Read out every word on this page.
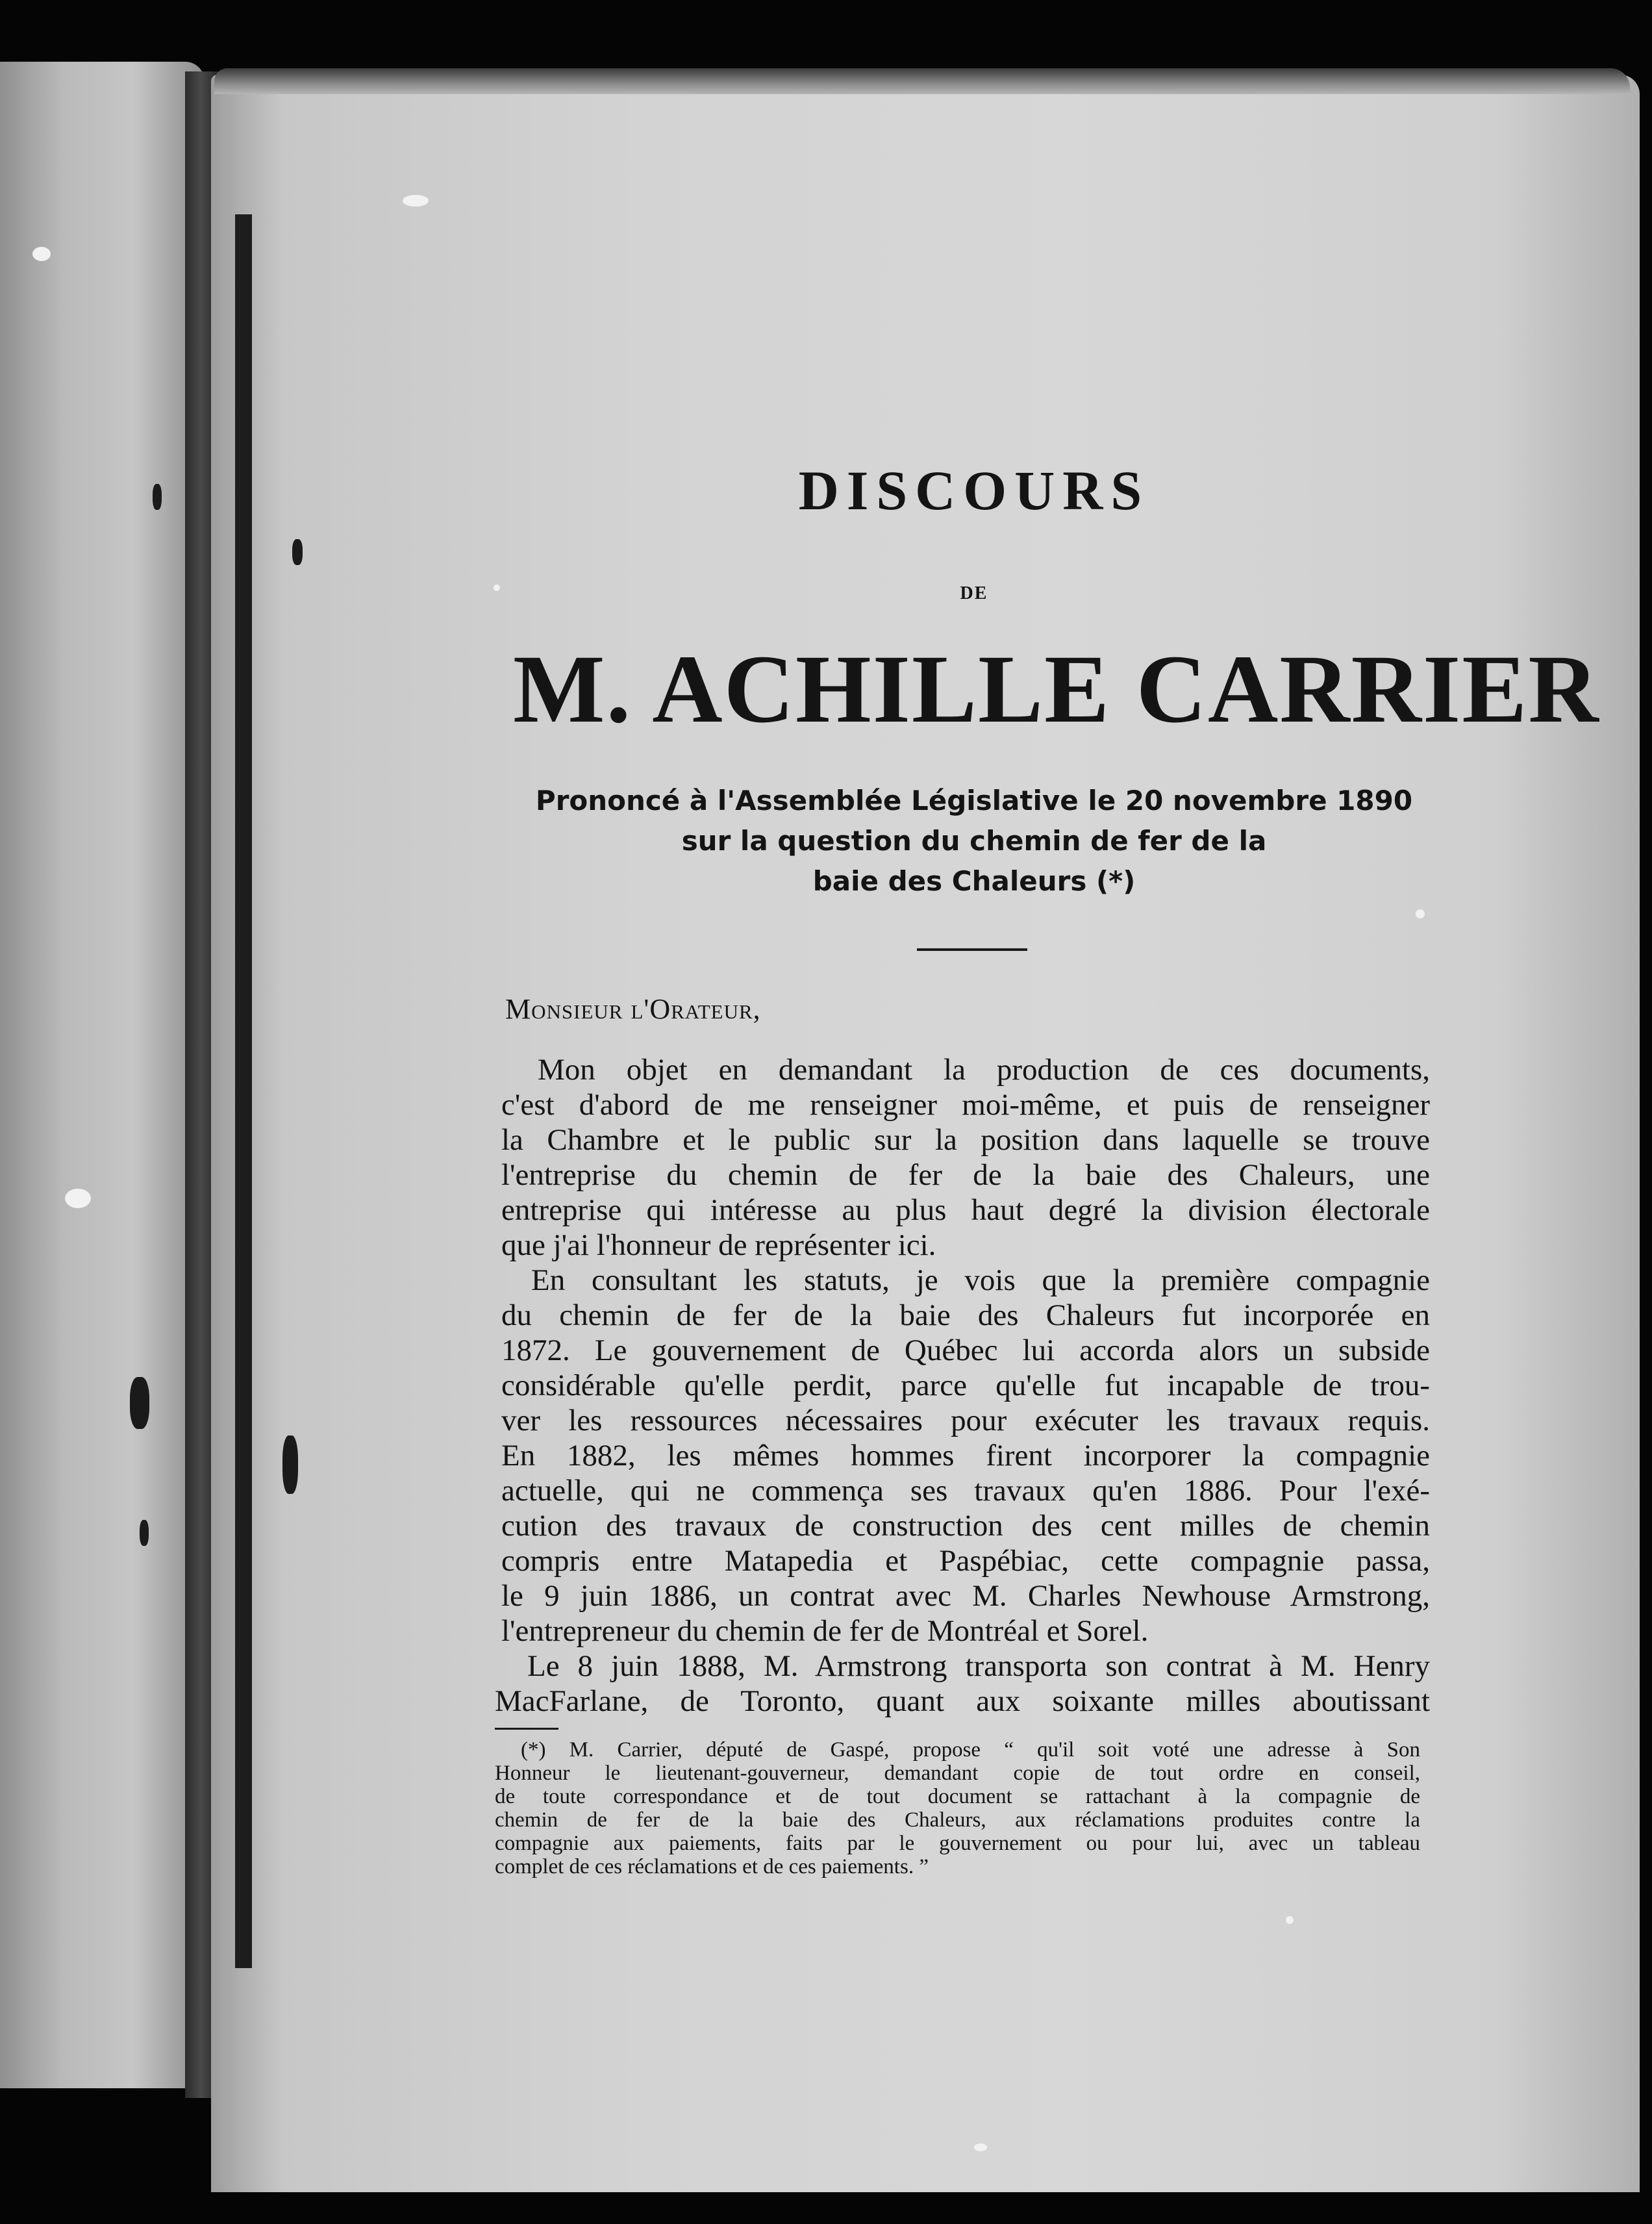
DISCOURS
DE
M. ACHILLE CARRIER
Prononcé à l'Assemblée Législative le 20 novembre 1890
sur la question du chemin de fer de la
baie des Chaleurs (*)
Monsieur l'Orateur,
Mon objet en demandant la production de ces documents,
c'est d'abord de me renseigner moi-même, et puis de renseigner
la Chambre et le public sur la position dans laquelle se trouve
l'entreprise du chemin de fer de la baie des Chaleurs, une
entreprise qui intéresse au plus haut degré la division électorale
que j'ai l'honneur de représenter ici.
En consultant les statuts, je vois que la première compagnie
du chemin de fer de la baie des Chaleurs fut incorporée en
1872. Le gouvernement de Québec lui accorda alors un subside
considérable qu'elle perdit, parce qu'elle fut incapable de trou-
ver les ressources nécessaires pour exécuter les travaux requis.
En 1882, les mêmes hommes firent incorporer la compagnie
actuelle, qui ne commença ses travaux qu'en 1886. Pour l'exé-
cution des travaux de construction des cent milles de chemin
compris entre Matapedia et Paspébiac, cette compagnie passa,
le 9 juin 1886, un contrat avec M. Charles Newhouse Armstrong,
l'entrepreneur du chemin de fer de Montréal et Sorel.
Le 8 juin 1888, M. Armstrong transporta son contrat à M. Henry
MacFarlane, de Toronto, quant aux soixante milles aboutissant
(*) M. Carrier, député de Gaspé, propose “ qu'il soit voté une adresse à Son
Honneur le lieutenant-gouverneur, demandant copie de tout ordre en conseil,
de toute correspondance et de tout document se rattachant à la compagnie de
chemin de fer de la baie des Chaleurs, aux réclamations produites contre la
compagnie aux paiements, faits par le gouvernement ou pour lui, avec un tableau
complet de ces réclamations et de ces paiements. ”
